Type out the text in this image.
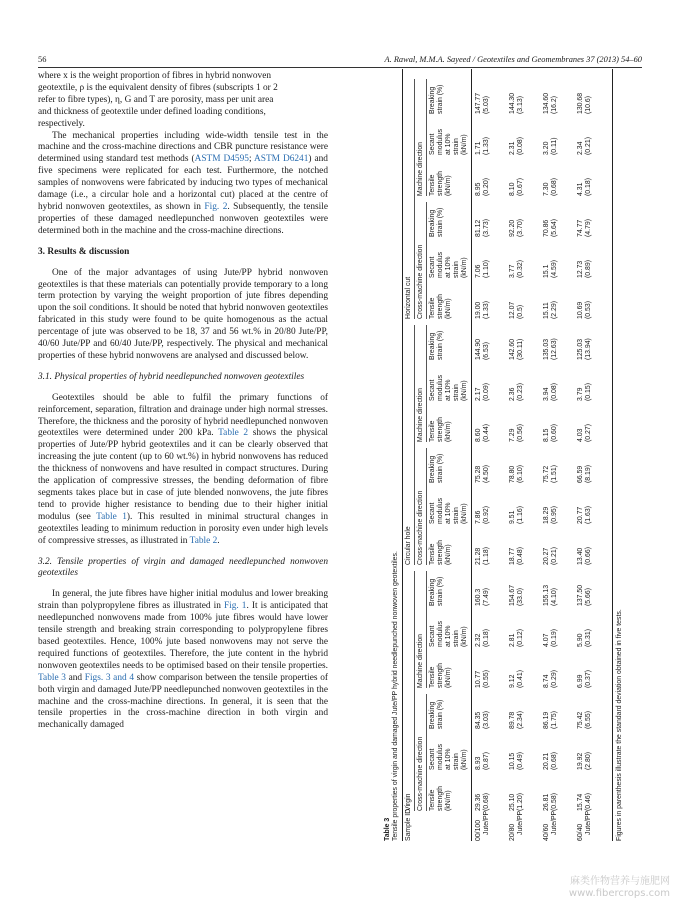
56	A. Rawal, M.M.A. Sayeed / Geotextiles and Geomembranes 37 (2013) 54–60

where x is the weight proportion of fibres in hybrid nonwoven
geotextile, ρ is the equivalent density of fibres (subscripts 1 or 2
refer to fibre types), η, G and T are porosity, mass per unit area
and thickness of geotextile under defined loading conditions,
respectively.

The mechanical properties including wide-width tensile test in the machine and the cross-machine directions and CBR puncture resistance were determined using standard test methods (ASTM D4595; ASTM D6241) and five specimens were replicated for each test. Furthermore, the notched samples of nonwovens were fabricated by inducing two types of mechanical damage (i.e., a circular hole and a horizontal cut) placed at the centre of hybrid nonwoven geotextiles, as shown in Fig. 2. Subsequently, the tensile properties of these damaged needlepunched nonwoven geotextiles were determined both in the machine and the cross-machine directions.

3. Results & discussion

One of the major advantages of using Jute/PP hybrid nonwoven geotextiles is that these materials can potentially provide temporary to a long term protection by varying the weight proportion of jute fibres depending upon the soil conditions. It should be noted that hybrid nonwoven geotextiles fabricated in this study were found to be quite homogenous as the actual percentage of jute was observed to be 18, 37 and 56 wt.% in 20/80 Jute/PP, 40/60 Jute/PP and 60/40 Jute/PP, respectively. The physical and mechanical properties of these hybrid nonwovens are analysed and discussed below.

3.1. Physical properties of hybrid needlepunched nonwoven geotextiles

Geotextiles should be able to fulfil the primary functions of reinforcement, separation, filtration and drainage under high normal stresses. Therefore, the thickness and the porosity of hybrid needlepunched nonwoven geotextiles were determined under 200 kPa. Table 2 shows the physical properties of Jute/PP hybrid geotextiles and it can be clearly observed that increasing the jute content (up to 60 wt.%) in hybrid nonwovens has reduced the thickness of nonwovens and have resulted in compact structures. During the application of compressive stresses, the bending deformation of fibre segments takes place but in case of jute blended nonwovens, the jute fibres tend to provide higher resistance to bending due to their higher initial modulus (see Table 1). This resulted in minimal structural changes in geotextiles leading to minimum reduction in porosity even under high levels of compressive stresses, as illustrated in Table 2.

3.2. Tensile properties of virgin and damaged needlepunched nonwoven geotextiles

In general, the jute fibres have higher initial modulus and lower breaking strain than polypropylene fibres as illustrated in Fig. 1. It is anticipated that needlepunched nonwovens made from 100% jute fibres would have lower tensile strength and breaking strain corresponding to polypropylene fibres based geotextiles. Hence, 100% jute based nonwovens may not serve the required functions of geotextiles. Therefore, the jute content in the hybrid nonwoven geotextiles needs to be optimised based on their tensile properties. Table 3 and Figs. 3 and 4 show comparison between the tensile properties of both virgin and damaged Jute/PP needlepunched nonwoven geotextiles in the machine and the cross-machine directions. In general, it is seen that the tensile properties in the cross-machine direction in both virgin and mechanically damaged

Table 3 Tensile properties of virgin and damaged Jute/PP hybrid needlepunched nonwoven geotextiles. Sample ID
Virgin Cross-machine direction Tensile strength (kN/m)
Secant modulus at 10% strain (kN/m)
Breaking strain (%)
Machine direction Tensile strength (kN/m)
Secant modulus at 10% strain (kN/m)
Breaking strain (%)
Circular hole Cross-machine direction Tensile strength (kN/m)
Secant modulus at 10% strain (kN/m)
Breaking strain (%)
Machine direction Tensile strength (kN/m)
Secant modulus at 10% strain (kN/m)
Breaking strain (%)
Horizontal cut Cross-machine direction Tensile strength (kN/m)
Secant modulus at 10% strain (kN/m)
Breaking strain (%)
Machine direction Tensile strength (kN/m)
Secant modulus at 10% strain (kN/m)
Breaking strain (%)
00/100 Jute/PP
29.36 (0.68)
8.93 (0.87)
84.35 (3.03)
10.77 (0.55)
2.32 (0.18)
160.3 (7.49)
21.28 (1.18)
7.86 (0.92)
75.28 (4.50)
8.60 (0.44)
2.17 (0.09)
144.90 (6.53)
19.00 (1.33)
7.06 (1.10)
81.12 (3.73)
8.95 (0.20)
1.71 (1.33)
147.77 (5.03)
20/80 Jute/PP
25.10 (1.20)
10.15 (0.49)
89.78 (2.34)
9.12 (0.41)
2.81 (0.12)
154.67 (33.0)
18.77 (0.48)
9.51 (1.16)
78.80 (6.10)
7.29 (0.56)
2.36 (0.23)
142.60 (30.11)
12.07 (0.5)
3.77 (0.32)
92.20 (3.70)
8.10 (0.67)
2.31 (0.08)
144.30 (3.13)
40/60 Jute/PP
26.81 (0.58)
20.21 (0.68)
86.19 (1.75)
8.74 (0.29)
4.07 (0.19)
155.13 (4.10)
20.27 (0.21)
18.29 (0.95)
75.72 (1.51)
8.15 (0.60)
3.94 (0.08)
135.03 (12.63)
15.11 (2.29)
15.1 (4.59)
70.86 (5.64)
7.30 (0.68)
3.20 (0.11)
134.60 (16.2)
60/40 Jute/PP
15.74 (0.46)
19.92 (2.80)
75.42 (6.55)
6.99 (0.37)
5.90 (0.31)
137.50 (5.66)
13.40 (0.66)
20.77 (1.63)
66.59 (8.19)
4.03 (0.27)
3.79 (0.15)
125.03 (13.94)
10.69 (0.53)
12.73 (0.89)
74.77 (4.79)
4.31 (0.18)
2.34 (0.21)
130.68 (10.6)
Figures in parenthesis illustrate the standard deviation obtained in five tests.
麻类作物营养与施肥网
www.fibercrops.com
